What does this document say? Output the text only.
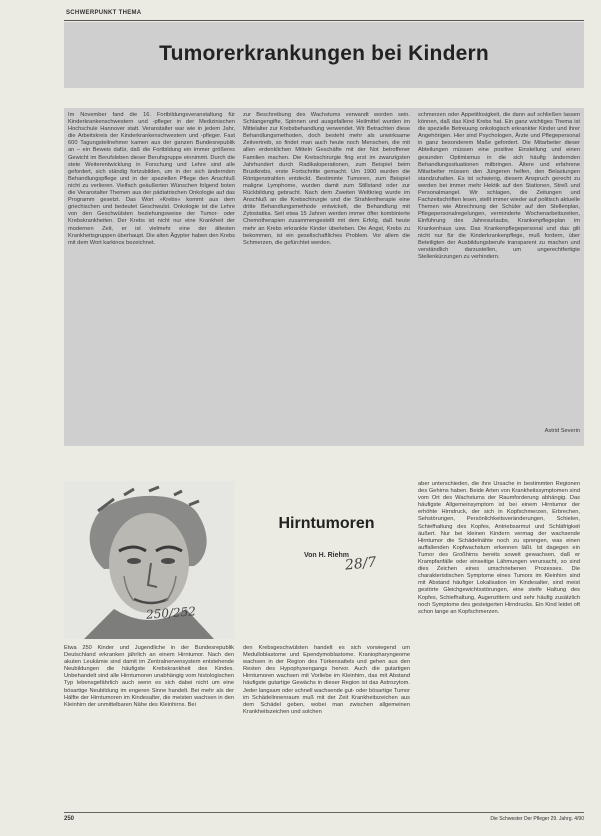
SCHWERPUNKT THEMA
Tumorerkrankungen bei Kindern

Im November fand die 16. Fortbildungsveranstaltung für Kinderkrankenschwestern und -pfleger in der Medizinischen Hochschule Hannover statt. Veranstalter war wie in jedem Jahr, die Arbeitskreis der Kinderkrankenschwestern und -pfleger. Fast 600 Tagungsteilnehmer kamen aus der ganzen Bundesrepublik an – ein Beweis dafür, daß die Fortbildung ein immer größeres Gewicht im Berufsleben dieser Berufsgruppe einnimmt. Durch die stete Weiterentwicklung in Forschung und Lehre sind alle gefordert, sich ständig fortzubilden, um in der sich ändernden Behandlungspflege und in der speziellen Pflege den Anschluß nicht zu verlieren. Vielfach geäußerten Wünschen folgend boten die Veranstalter Themen aus der pädiatrischen Onkologie auf das Programm gesetzt. Das Wort »Krebs« kommt aus dem griechischen und bedeutet Geschwulst. Onkologie ist die Lehre von den Geschwülsten beziehungsweise der Tumor- oder Krebskrankheiten. Der Krebs ist nicht nur eine Krankheit der modernen Zeit, er ist vielmehr eine der ältesten Krankheitsgruppen überhaupt. Die alten Ägypter haben den Krebs mit dem Wort karkinos bezeichnet.

zur Beschreibung des Wachstums verwandt worden sein. Schlangengifte, Spinnen und ausgefallene Heilmittel wurden im Mittelalter zur Krebsbehandlung verwendet. Wir Betrachten diese Behandlungsmethoden, doch besteht mehr als unwirksame Zeitvertreib, so findet man auch heute noch Menschen, die mit allen erdenklichen Mitteln Geschäfte mit der Not betroffener Familien machen. Die Krebschirurgie fing erst im zwanzigsten Jahrhundert durch Radikaloperationen, zum Beispiel beim Brustkrebs, erste Fortschritte gemacht. Um 1900 wurden die Röntgenstrahlen entdeckt. Bestimmte Tumoren, zum Beispiel maligne Lymphome, wurden damit zum Stillstand oder zur Rückbildung gebracht. Nach dem Zweiten Weltkrieg wurde im Anschluß an die Krebschirurgie und die Strahlentherapie eine dritte Behandlungsmethode entwickelt, die Behandlung mit Zytostatika. Seit etwa 15 Jahren werden immer öfter kombinierte Chemotherapien zusammengestellt mit dem Erfolg, daß heute mehr an Krebs erkrankte Kinder überleben. Die Angst, Krebs zu bekommen, ist ein gesellschaftliches Problem. Vor allem die Schmerzen, die gefürchtet werden.

schmerzen oder Appetitlosigkeit, die dann auf schließen lassen können, daß das Kind Krebs hat. Ein ganz wichtiges Thema ist die spezielle Betreuung onkologisch erkrankter Kinder und ihrer Angehörigen. Hier sind Psychologen, Ärzte und Pflegepersonal in ganz besonderem Maße gefordert. Die Mitarbeiter dieser Abteilungen müssen eine positive Einstellung und einen gesunden Optimismus in die sich häufig ändernden Behandlungssituationen mitbringen. Ältere und erfahrene Mitarbeiter müssen den Jüngeren helfen, den Belastungen standzuhalten. Es ist schwierig, diesem Anspruch gerecht zu werden bei immer mehr Hektik auf den Stationen, Streß und Personalmangel. Wir schlagen, die Zeitungen und Fachzeitschriften lesen, stellt immer wieder auf politisch aktuelle Themen wie Abrechnung der Schüler auf den Stellenplan, Pflegepersonalregelungen, verminderte Wochenarbeitszeiten, Einführung des Jahresurlaubs, Krankenpflegeplan im Krankenhaus usw. Das Krankenpflegepersonal und das gilt nicht nur für die Kinderkrankenpflege, muß fordern, über Beteiligten der Ausbildungsberufe transparent zu machen und verständlich darzustellen, um ungerechtfertigte Stellenkürzungen zu verhindern.

Astrid Severin
Hirntumoren
Von H. Riehm
28/7
250/252

Etwa 250 Kinder und Jugendliche in der Bundesrepublik Deutschland erkranken jährlich an einem Hirntumor. Nach den akuten Leukämie sind damit im Zentralnervensystem entstehende Neubildungen die häufigste Krebskrankheit des Kindes. Unbehandelt sind alle Hirntumoren unabhängig vom histologischen Typ lebensgefährlich auch wenn es sich dabei nicht um eine bösartige Neubildung im engeren Sinne handelt. Bei mehr als der Hälfte der Hirntumoren im Kindesalter, die meisten wachsen in den Kleinhirn der unmittelbaren Nähe des Kleinhirns. Bei

den Krebsgeschwülsten handelt es sich vorwiegend um Medulloblastome und Ependymoblastome. Kraniopharyngeome wachsen in der Region des Türkensattels und gehen aus den Resten des Hypophysengangs hervor. Auch die gutartigen Hirntumoren wachsen mit Vorliebe im Kleinhirn, das mit Abstand häufigste gutartige Gewächs in dieser Region ist das Astrozytom. Jeder langsam oder schnell wachsende gut- oder bösartige Tumor im Schädelinnenraum muß mit der Zeit Krankheitszeichen aus dem Schädel geben, wobei man zwischen allgemeinen Krankheitszeichen und solchen

aber unterschieden, die ihre Ursache in bestimmten Regionen des Gehirns haben. Beide Arten von Krankheitssymptomen sind vom Ort des Wachstums der Raumforderung abhängig. Das häufigste Allgemeinsymptom ist bei einem Hirntumor der erhöhte Hirndruck, der sich in Kopfschmerzen, Erbrechen, Sehstörungen, Persönlichkeitsveränderungen, Schielen, Schiefhaltung des Kopfes, Antriebsarmut und Schläfrigkeit äußert. Nur bei kleinen Kindern vermag der wachsende Hirntumor die Schädelnähte noch zu sprengen, was einen auffallenden Kopfwachstum erkennen läßt. Ist dagegen ein Tumor des Großhirns bereits soweit gewachsen, daß er Krampfanfälle oder einseitige Lähmungen verursacht, so sind dies Zeichen eines umschriebenen Prozesses. Die charakteristischen Symptome eines Tumors im Kleinhirn sind mit Abstand häufiger Lokalisation im Kindesalter, sind meist gestörte Gleichgewichtsstörungen, eine steife Haltung des Kopfes, Schiefhaltung, Augenzittern und sehr häufig zusätzlich noch Symptome des gesteigerten Hirndrucks. Ein Kind leidet oft schon lange an Kopfschmerzen.

250	Die Schwester Der Pfleger 29. Jahrg. 4/90
